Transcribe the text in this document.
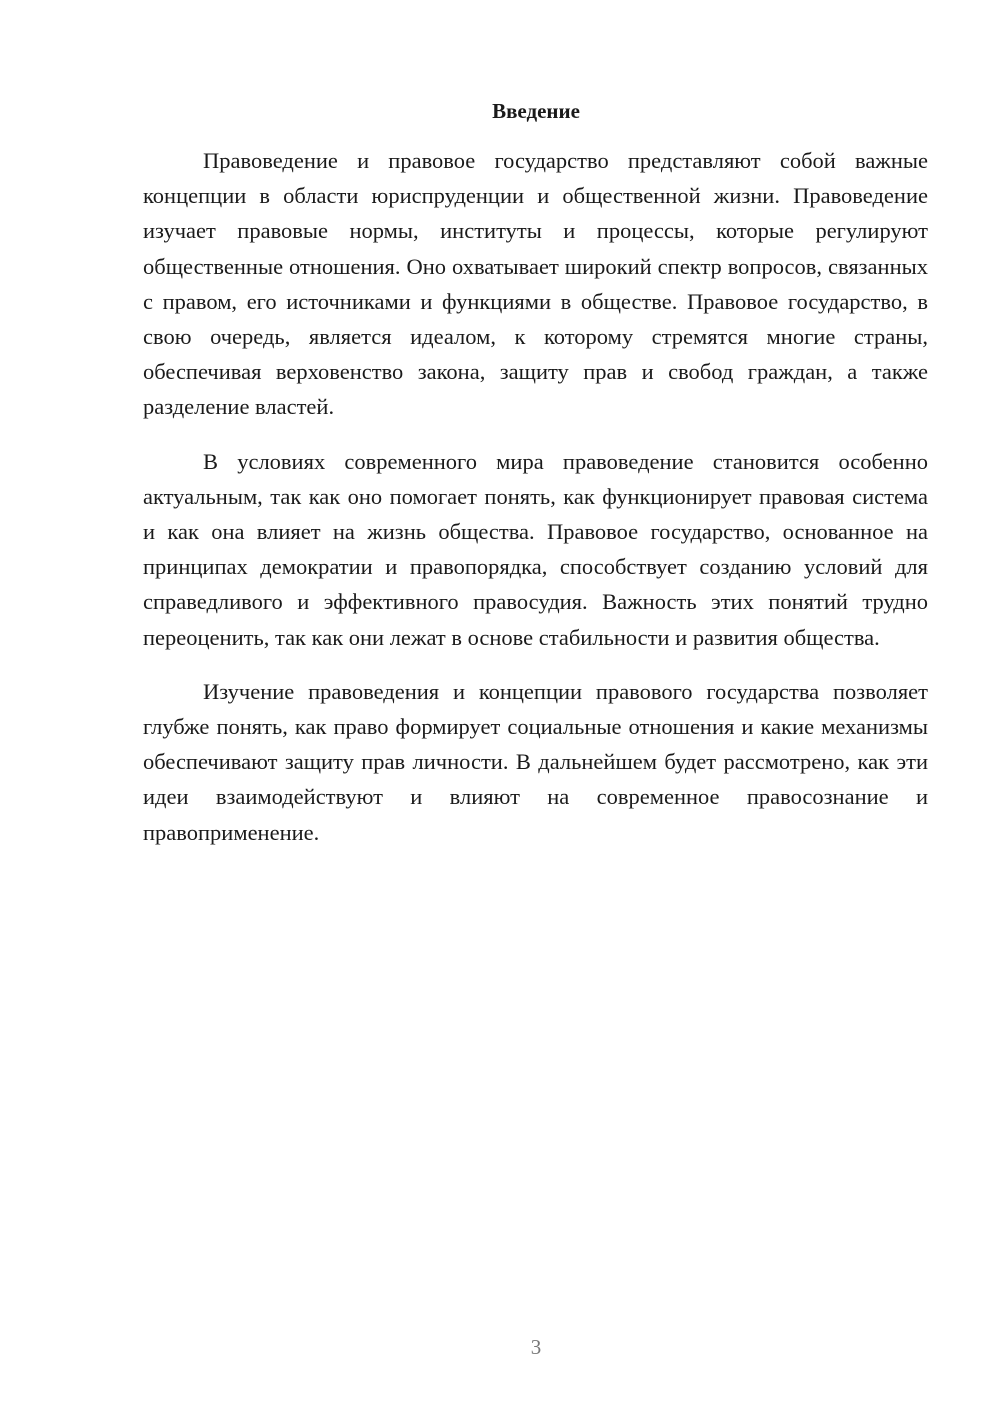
Введение

Правоведение и правовое государство представляют собой важные концепции в области юриспруденции и общественной жизни. Правоведение изучает правовые нормы, институты и процессы, которые регулируют общественные отношения. Оно охватывает широкий спектр вопросов, связанных с правом, его источниками и функциями в обществе. Правовое государство, в свою очередь, является идеалом, к которому стремятся многие страны, обеспечивая верховенство закона, защиту прав и свобод граждан, а также разделение властей.

В условиях современного мира правоведение становится особенно актуальным, так как оно помогает понять, как функционирует правовая система и как она влияет на жизнь общества. Правовое государство, основанное на принципах демократии и правопорядка, способствует созданию условий для справедливого и эффективного правосудия. Важность этих понятий трудно переоценить, так как они лежат в основе стабильности и развития общества.

Изучение правоведения и концепции правового государства позволяет глубже понять, как право формирует социальные отношения и какие механизмы обеспечивают защиту прав личности. В дальнейшем будет рассмотрено, как эти идеи взаимодействуют и влияют на современное правосознание и правоприменение.

3
